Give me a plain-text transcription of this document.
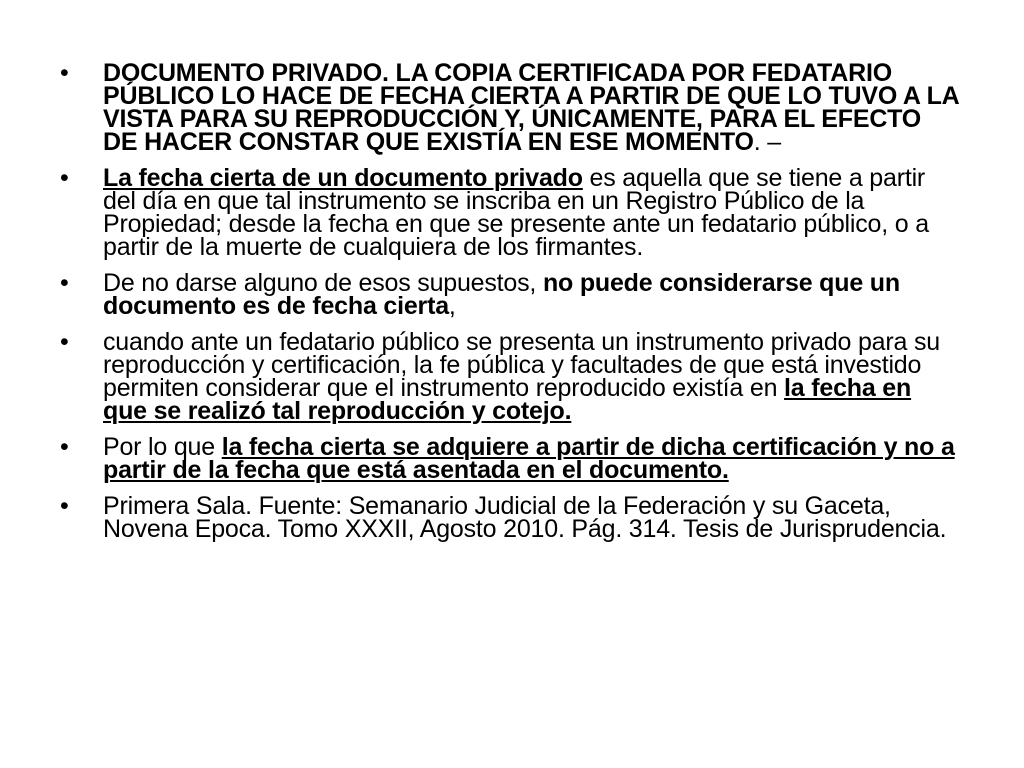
• DOCUMENTO PRIVADO. LA COPIA CERTIFICADA POR FEDATARIO PÚBLICO LO HACE DE FECHA CIERTA A PARTIR DE QUE LO TUVO A LA VISTA PARA SU REPRODUCCIÓN Y, ÚNICAMENTE, PARA EL EFECTO DE HACER CONSTAR QUE EXISTÍA EN ESE MOMENTO. –
• La fecha cierta de un documento privado es aquella que se tiene a partir del día en que tal instrumento se inscriba en un Registro Público de la Propiedad; desde la fecha en que se presente ante un fedatario público, o a partir de la muerte de cualquiera de los firmantes.
• De no darse alguno de esos supuestos, no puede considerarse que un documento es de fecha cierta,
• cuando ante un fedatario público se presenta un instrumento privado para su reproducción y certificación, la fe pública y facultades de que está investido permiten considerar que el instrumento reproducido existía en la fecha en que se realizó tal reproducción y cotejo.
• Por lo que la fecha cierta se adquiere a partir de dicha certificación y no a partir de la fecha que está asentada en el documento.
• Primera Sala. Fuente: Semanario Judicial de la Federación y su Gaceta, Novena Epoca. Tomo XXXII, Agosto 2010. Pág. 314. Tesis de Jurisprudencia.
